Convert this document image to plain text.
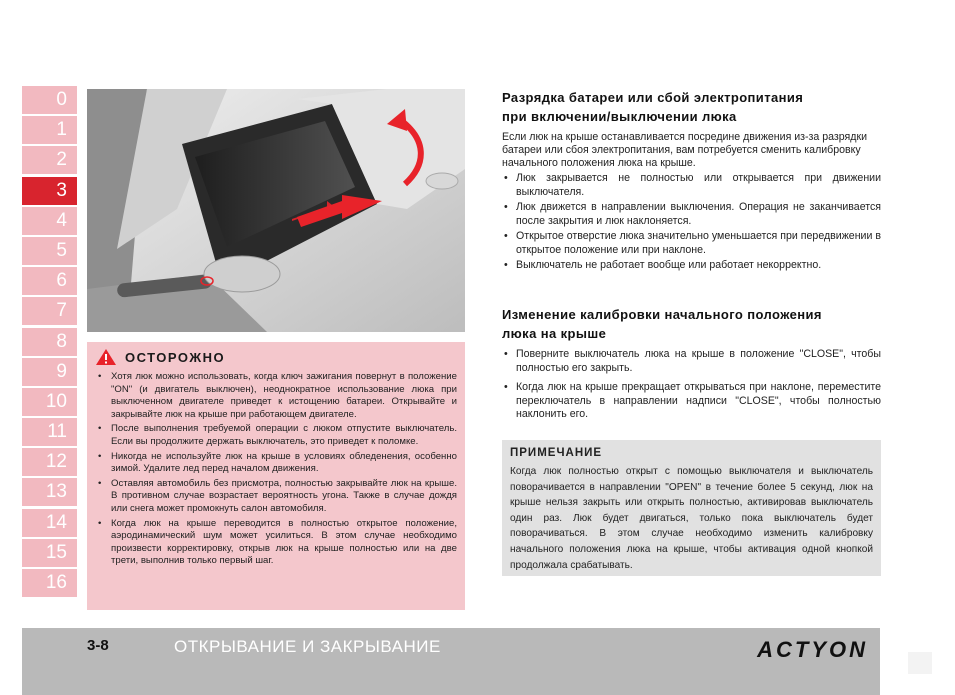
0
1
2
3
4
5
6
7
8
9
10
11
12
13
14
15
16
ОСТОРОЖНО
• Хотя люк можно использовать, когда ключ зажигания повернут в положение "ON" (и двигатель выключен), неоднократное использование люка при выключенном двигателе приведет к истощению батареи. Открывайте и закрывайте люк на крыше при работающем двигателе.
• После выполнения требуемой операции с люком отпустите выключатель. Если вы продолжите держать выключатель, это приведет к поломке.
• Никогда не используйте люк на крыше в условиях обледенения, особенно зимой. Удалите лед перед началом движения.
• Оставляя автомобиль без присмотра, полностью закрывайте люк на крыше. В противном случае возрастает вероятность угона. Также в случае дождя или снега может промокнуть салон автомобиля.
• Когда люк на крыше переводится в полностью открытое положение, аэродинамический шум может усилиться. В этом случае необходимо произвести корректировку, открыв люк на крыше полностью или на две трети, выполнив только первый шаг.
Разрядка батареи или сбой электропитания
при включении/выключении люка

Если люк на крыше останавливается посредине движения из-за разрядки батареи или сбоя электропитания, вам потребуется сменить калибровку начального положения люка на крыше.

• Люк закрывается не полностью или открывается при движении выключателя.
• Люк движется в направлении выключения. Операция не заканчивается после закрытия и люк наклоняется.
• Открытое отверстие люка значительно уменьшается при передвижении в открытое положение или при наклоне.
• Выключатель не работает вообще или работает некорректно.
Изменение калибровки начального положения
люка на крыше
• Поверните выключатель люка на крыше в положение "CLOSE", чтобы полностью его закрыть.
• Когда люк на крыше прекращает открываться при наклоне, переместите переключатель в направлении надписи "CLOSE", чтобы полностью наклонить его.
ПРИМЕЧАНИЕ
Когда люк полностью открыт с помощью выключателя и выключатель поворачивается в направлении "OPEN" в течение более 5 секунд, люк на крыше нельзя закрыть или открыть полностью, активировав выключатель один раз. Люк будет двигаться, только пока выключатель будет поворачиваться. В этом случае необходимо изменить калибровку начального положения люка на крыше, чтобы активация одной кнопкой продолжала срабатывать.
3-8	ОТКРЫВАНИЕ И ЗАКРЫВАНИЕ	ACTYON
